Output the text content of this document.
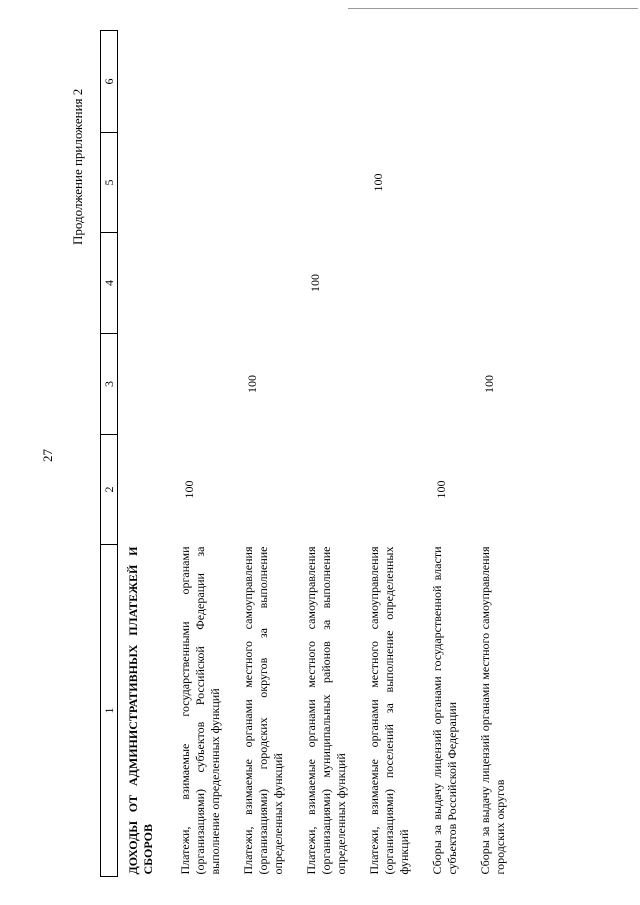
27
Продолжение приложения 2
1	2	3	4	5	6
ДОХОДЫ ОТ АДМИНИСТРАТИВНЫХ ПЛАТЕЖЕЙ И СБОРОВ					
Платежи, взимаемые государственными органами (организациями) субъектов Российской Федерации за выполнение определенных функций	100				
Платежи, взимаемые органами местного самоуправления (организациями) городских округов за выполнение определенных функций		100			
Платежи, взимаемые органами местного самоуправления (организациями) муниципальных районов за выполнение определенных функций			100		
Платежи, взимаемые органами местного самоуправления (организациями) поселений за выполнение определенных функций				100	
Сборы за выдачу лицензий органами государственной власти субъектов Российской Федерации	100				
Сборы за выдачу лицензий органами местного самоуправления городских округов		100			
